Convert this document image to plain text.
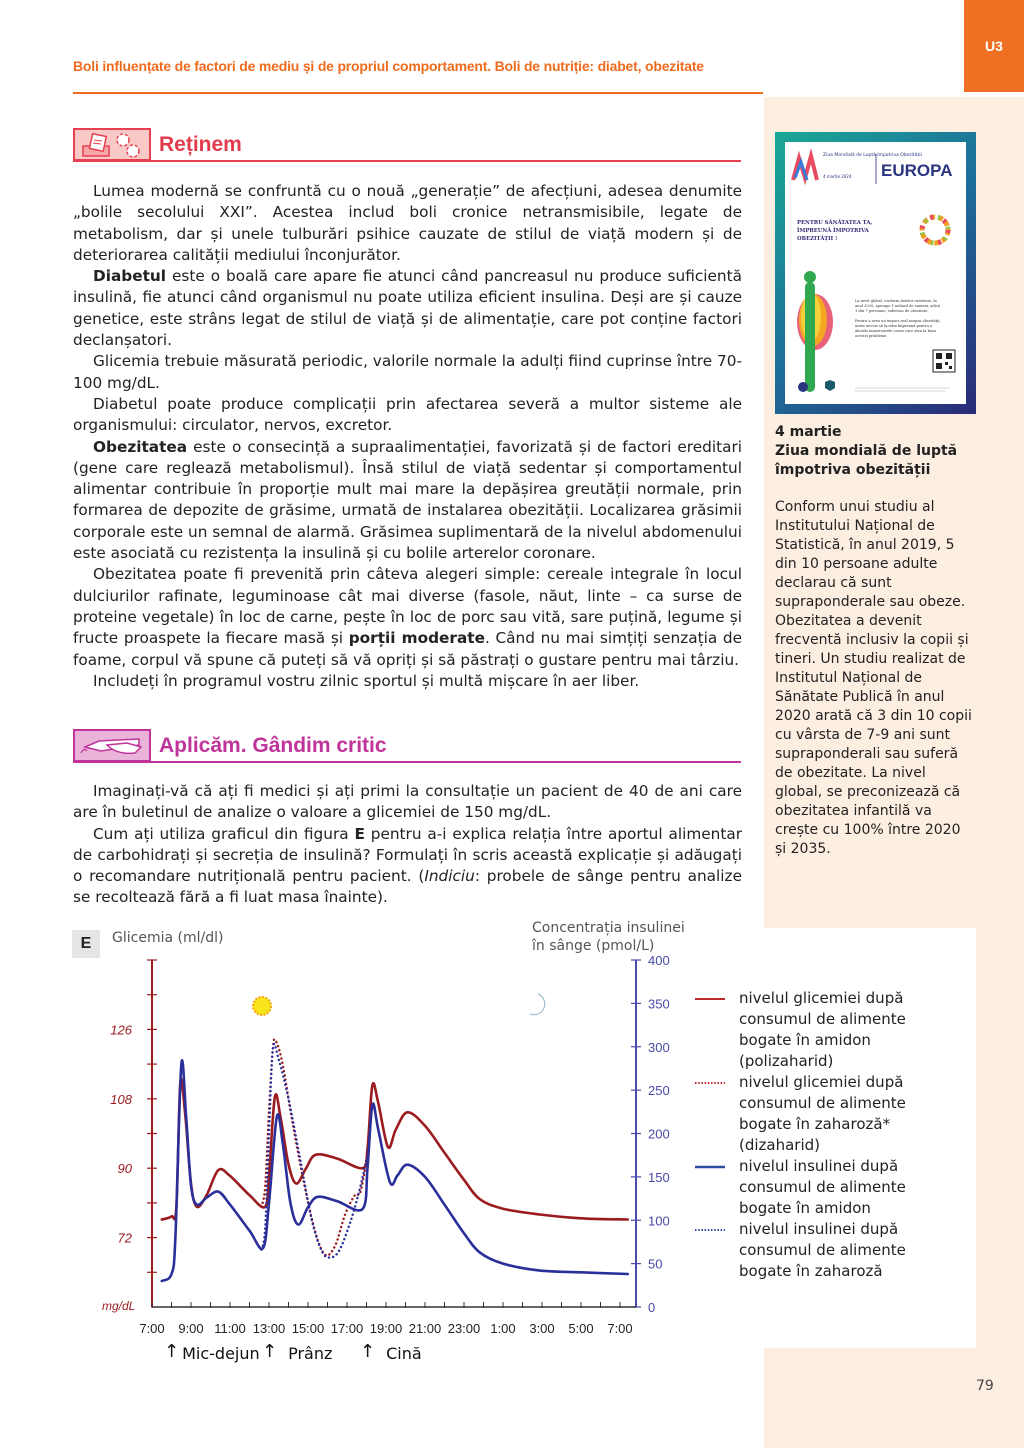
Boli influențate de factori de mediu și de propriul comportament. Boli de nutriție: diabet, obezitate
U3
Reținem

Lumea modernă se confruntă cu o nouă „generație” de afecțiuni, adesea denumite „bolile secolului XXI”. Acestea includ boli cronice netransmisibile, legate de metabolism, dar și unele tulburări psihice cauzate de stilul de viață modern și de deteriorarea calității mediului înconjurător.

Diabetul este o boală care apare fie atunci când pancreasul nu produce suficientă insulină, fie atunci când organismul nu poate utiliza eficient insulina. Deși are și cauze genetice, este strâns legat de stilul de viață și de alimentație, care pot conține factori declanșatori.

Glicemia trebuie măsurată periodic, valorile normale la adulți fiind cuprinse între 70-100 mg/dL.

Diabetul poate produce complicații prin afectarea severă a multor sisteme ale organismului: circulator, nervos, excretor.

Obezitatea este o consecință a supraalimentației, favorizată și de factori ereditari (gene care reglează metabolismul). Însă stilul de viață sedentar și comportamentul alimentar contribuie în proporție mult mai mare la depășirea greutății normale, prin formarea de depozite de grăsime, urmată de instalarea obezității. Localizarea grăsimii corporale este un semnal de alarmă. Grăsimea suplimentară de la nivelul abdomenului este asociată cu rezistența la insulină și cu bolile arterelor coronare.

Obezitatea poate fi prevenită prin câteva alegeri simple: cereale integrale în locul dulciurilor rafinate, leguminoase cât mai diverse (fasole, năut, linte – ca surse de proteine vegetale) în loc de carne, pește în loc de porc sau vită, sare puțină, legume și fructe proaspete la fiecare masă și porții moderate. Când nu mai simțiți senzația de foame, corpul vă spune că puteți să vă opriți și să păstrați o gustare pentru mai târziu.

Includeți în programul vostru zilnic sportul și multă mișcare în aer liber.

Aplicăm. Gândim critic

Imaginați-vă că ați fi medici și ați primi la consultație un pacient de 40 de ani care are în buletinul de analize o valoare a glicemiei de 150 mg/dL.

Cum ați utiliza graficul din figura E pentru a-i explica relația între aportul alimentar de carbohidrați și secreția de insulină? Formulați în scris această explicație și adăugați o recomandare nutrițională pentru pacient. (Indiciu: probele de sânge pentru analize se recoltează fără a fi luat masa înainte).

Ziua Mondială de Luptă împotriva Obezității
4 martie 2024 EUROPA
PENTRU SĂNĂTATEA TA,
ÎMPREUNĂ ÎMPOTRIVA
OBEZITĂȚII !
La nivel global, conform datelor existente, în
anul 2020, aproape 1 miliard de oameni, adică
1 din 7 persoane, sufereau de obezitate.
Pentru a avea un impact real asupra obezității,
avem nevoie să lucrăm împreună pentru a
aborda numeroasele cauze care stau la baza
acestei probleme.
4 martie
Ziua mondială de luptă împotriva obezității
Conform unui studiu al Institutului Național de Statistică, în anul 2019, 5 din 10 persoane adulte declarau că sunt supraponderale sau obeze. Obezitatea a devenit frecventă inclusiv la copii și tineri. Un studiu realizat de Institutul Național de Sănătate Publică în anul 2020 arată că 3 din 10 copii cu vârsta de 7-9 ani sunt supraponderali sau suferă de obezitate. La nivel global, se preconizează că obezitatea infantilă va crește cu 100% între 2020 și 2035.
E	Glicemia (ml/dl)
Concentrația insulinei
în sânge (pmol/L)
72
90
108
126
0
50
100
150
200
250
300
350
400
7:00 9:00 11:00 13:00 15:00 17:00 19:00 21:00 23:00 1:00 3:00 5:00 7:00
mg/dL
↑ Mic-dejun ↑ Prânz ↑ Cină
nivelul glicemiei după consumul de alimente bogate în amidon (polizaharid)
nivelul glicemiei după consumul de alimente bogate în zaharoză* (dizaharid)
nivelul insulinei după consumul de alimente bogate în amidon
nivelul insulinei după consumul de alimente bogate în zaharoză
79
